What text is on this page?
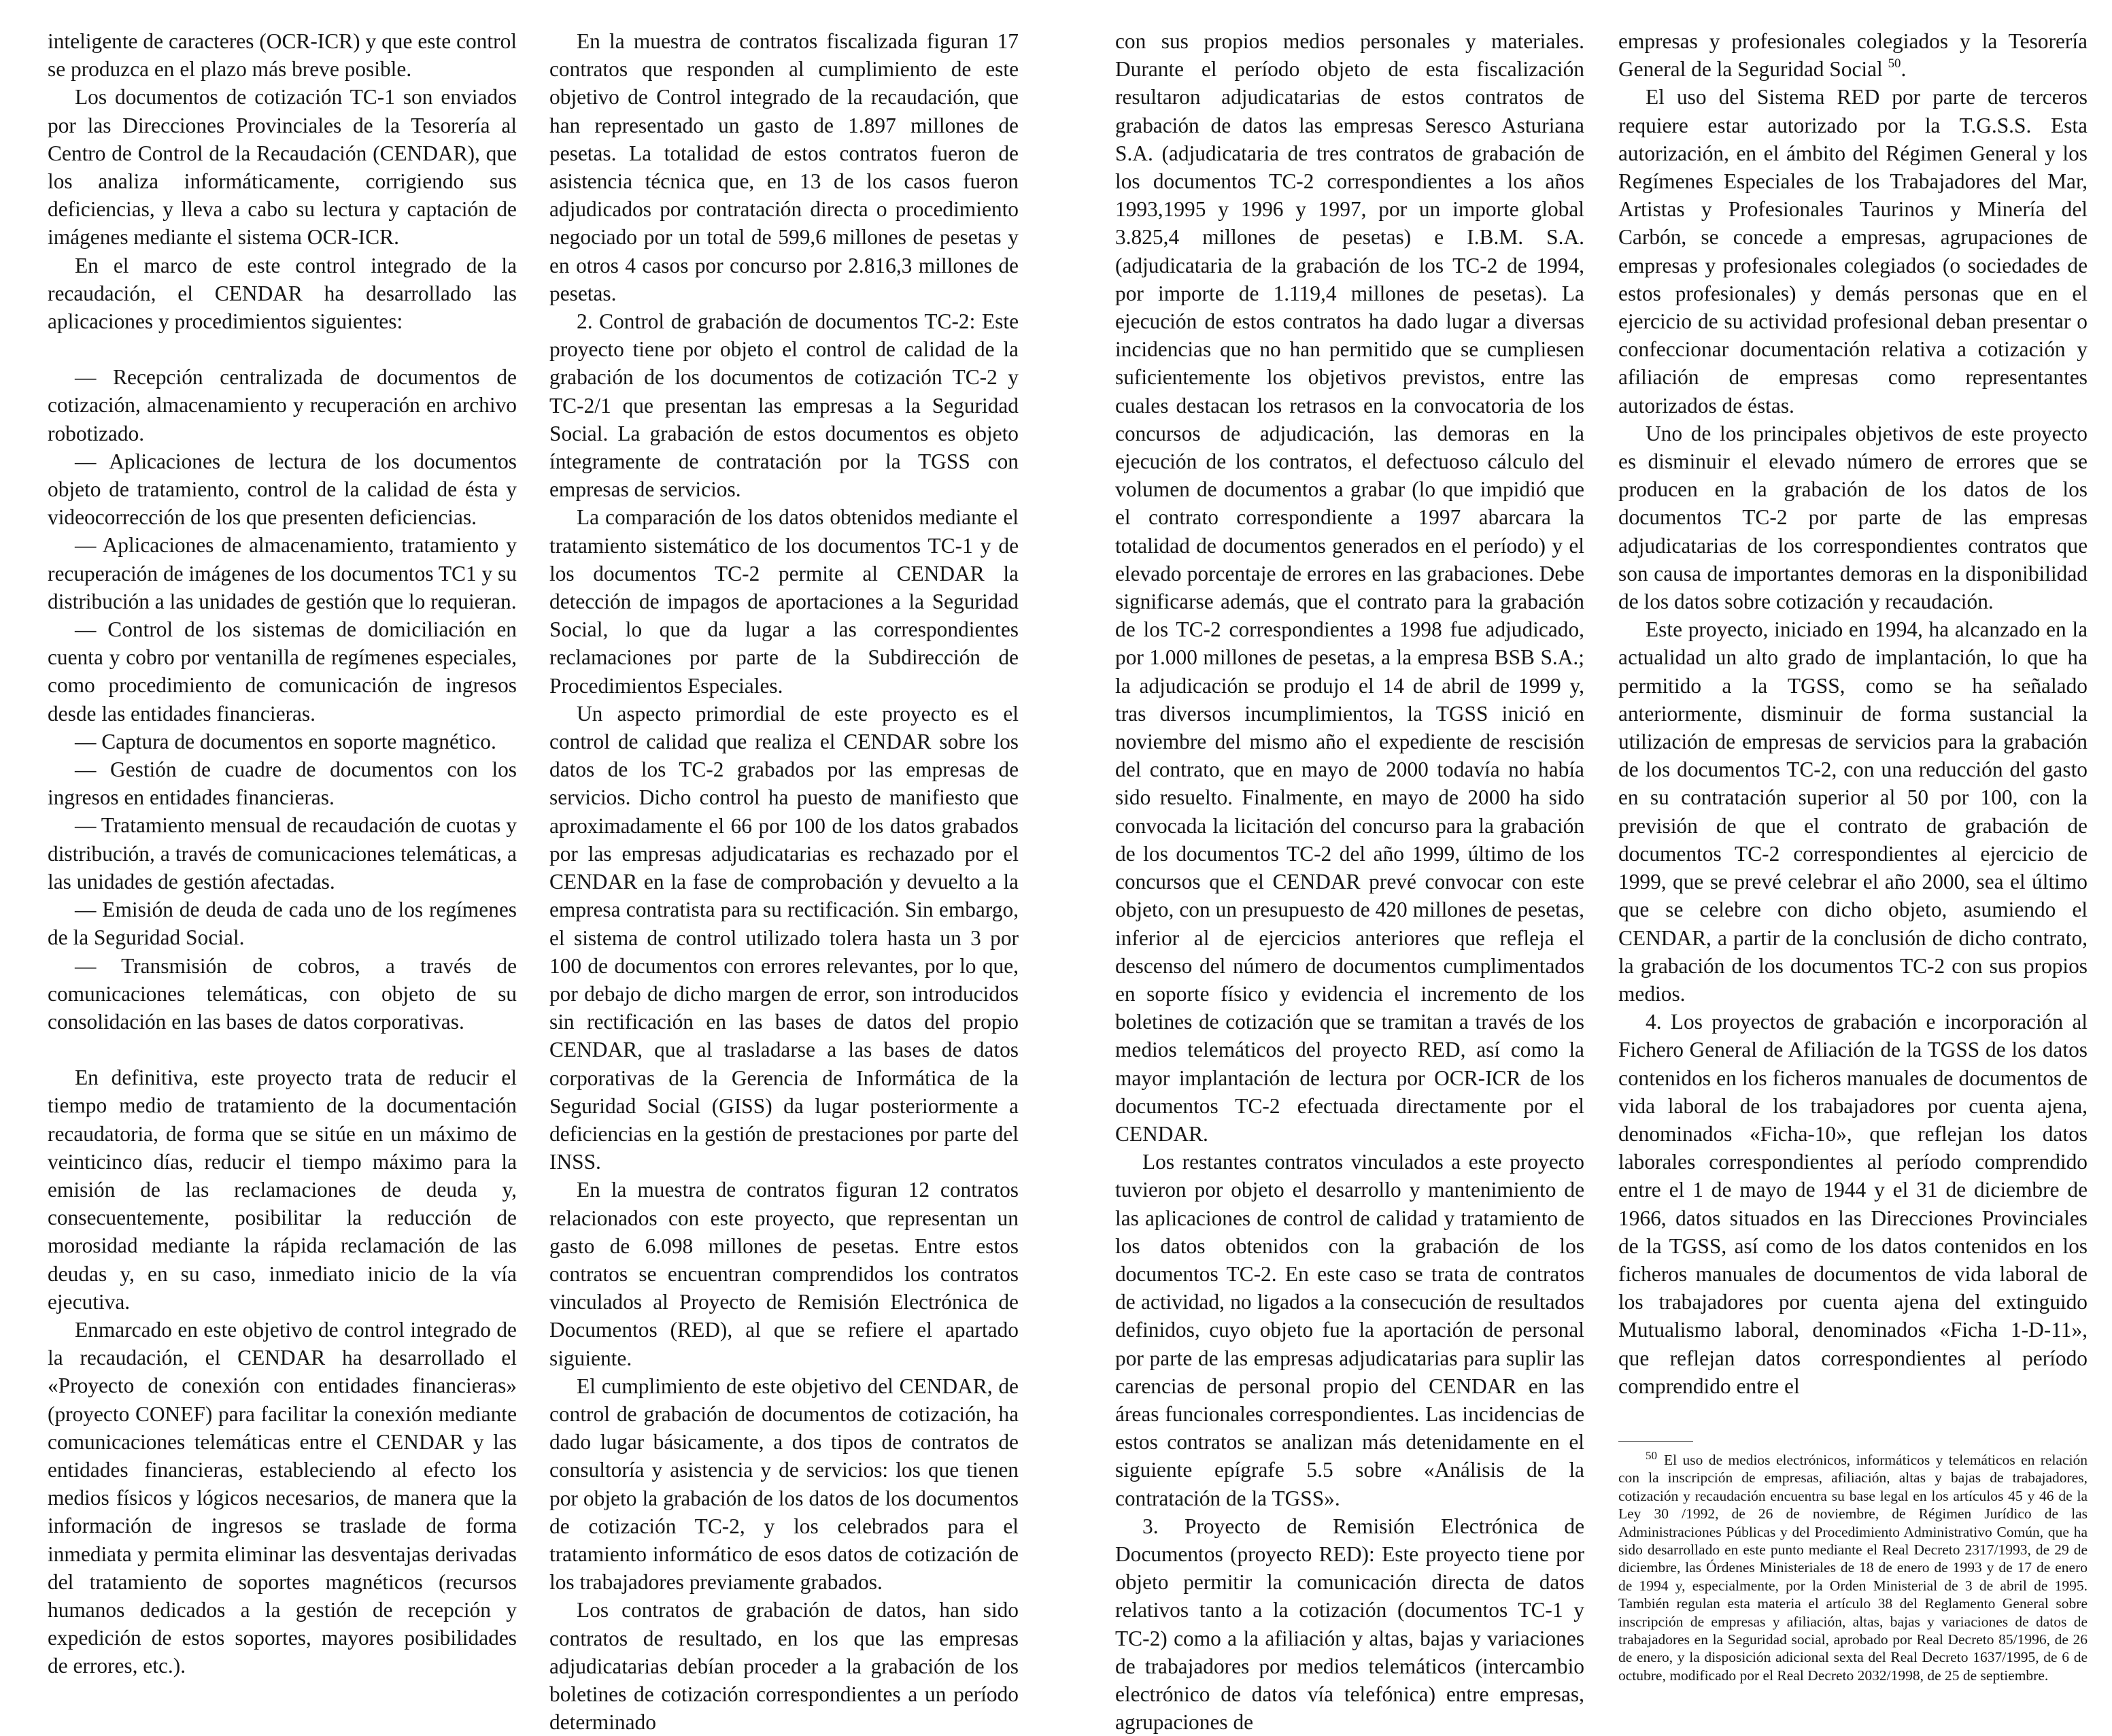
inteligente de caracteres (OCR-ICR) y que este control se produzca en el plazo más breve posible.

Los documentos de cotización TC-1 son enviados por las Direcciones Provinciales de la Tesorería al Centro de Control de la Recaudación (CENDAR), que los analiza informáticamente, corrigiendo sus deficiencias, y lleva a cabo su lectura y captación de imágenes mediante el sistema OCR-ICR.

En el marco de este control integrado de la recaudación, el CENDAR ha desarrollado las aplicaciones y procedimientos siguientes:

— Recepción centralizada de documentos de cotización, almacenamiento y recuperación en archivo robotizado.

— Aplicaciones de lectura de los documentos objeto de tratamiento, control de la calidad de ésta y videocorrección de los que presenten deficiencias.

— Aplicaciones de almacenamiento, tratamiento y recuperación de imágenes de los documentos TC1 y su distribución a las unidades de gestión que lo requieran.

— Control de los sistemas de domiciliación en cuenta y cobro por ventanilla de regímenes especiales, como procedimiento de comunicación de ingresos desde las entidades financieras.

— Captura de documentos en soporte magnético.

— Gestión de cuadre de documentos con los ingresos en entidades financieras.

— Tratamiento mensual de recaudación de cuotas y distribución, a través de comunicaciones telemáticas, a las unidades de gestión afectadas.

— Emisión de deuda de cada uno de los regímenes de la Seguridad Social.

— Transmisión de cobros, a través de comunicaciones telemáticas, con objeto de su consolidación en las bases de datos corporativas.

En definitiva, este proyecto trata de reducir el tiempo medio de tratamiento de la documentación recaudatoria, de forma que se sitúe en un máximo de veinticinco días, reducir el tiempo máximo para la emisión de las reclamaciones de deuda y, consecuentemente, posibilitar la reducción de morosidad mediante la rápida reclamación de las deudas y, en su caso, inmediato inicio de la vía ejecutiva.

Enmarcado en este objetivo de control integrado de la recaudación, el CENDAR ha desarrollado el «Proyecto de conexión con entidades financieras» (proyecto CONEF) para facilitar la conexión mediante comunicaciones telemáticas entre el CENDAR y las entidades financieras, estableciendo al efecto los medios físicos y lógicos necesarios, de manera que la información de ingresos se traslade de forma inmediata y permita eliminar las desventajas derivadas del tratamiento de soportes magnéticos (recursos humanos dedicados a la gestión de recepción y expedición de estos soportes, mayores posibilidades de errores, etc.).

En la muestra de contratos fiscalizada figuran 17 contratos que responden al cumplimiento de este objetivo de Control integrado de la recaudación, que han representado un gasto de 1.897 millones de pesetas. La totalidad de estos contratos fueron de asistencia técnica que, en 13 de los casos fueron adjudicados por contratación directa o procedimiento negociado por un total de 599,6 millones de pesetas y en otros 4 casos por concurso por 2.816,3 millones de pesetas.

2. Control de grabación de documentos TC-2: Este proyecto tiene por objeto el control de calidad de la grabación de los documentos de cotización TC-2 y TC-2/1 que presentan las empresas a la Seguridad Social. La grabación de estos documentos es objeto íntegramente de contratación por la TGSS con empresas de servicios.

La comparación de los datos obtenidos mediante el tratamiento sistemático de los documentos TC-1 y de los documentos TC-2 permite al CENDAR la detección de impagos de aportaciones a la Seguridad Social, lo que da lugar a las correspondientes reclamaciones por parte de la Subdirección de Procedimientos Especiales.

Un aspecto primordial de este proyecto es el control de calidad que realiza el CENDAR sobre los datos de los TC-2 grabados por las empresas de servicios. Dicho control ha puesto de manifiesto que aproximadamente el 66 por 100 de los datos grabados por las empresas adjudicatarias es rechazado por el CENDAR en la fase de comprobación y devuelto a la empresa contratista para su rectificación. Sin embargo, el sistema de control utilizado tolera hasta un 3 por 100 de documentos con errores relevantes, por lo que, por debajo de dicho margen de error, son introducidos sin rectificación en las bases de datos del propio CENDAR, que al trasladarse a las bases de datos corporativas de la Gerencia de Informática de la Seguridad Social (GISS) da lugar posteriormente a deficiencias en la gestión de prestaciones por parte del INSS.

En la muestra de contratos figuran 12 contratos relacionados con este proyecto, que representan un gasto de 6.098 millones de pesetas. Entre estos contratos se encuentran comprendidos los contratos vinculados al Proyecto de Remisión Electrónica de Documentos (RED), al que se refiere el apartado siguiente.

El cumplimiento de este objetivo del CENDAR, de control de grabación de documentos de cotización, ha dado lugar básicamente, a dos tipos de contratos de consultoría y asistencia y de servicios: los que tienen por objeto la grabación de los datos de los documentos de cotización TC-2, y los celebrados para el tratamiento informático de esos datos de cotización de los trabajadores previamente grabados.

Los contratos de grabación de datos, han sido contratos de resultado, en los que las empresas adjudicatarias debían proceder a la grabación de los boletines de cotización correspondientes a un período determinado

con sus propios medios personales y materiales. Durante el período objeto de esta fiscalización resultaron adjudicatarias de estos contratos de grabación de datos las empresas Seresco Asturiana S.A. (adjudicataria de tres contratos de grabación de los documentos TC-2 correspondientes a los años 1993,1995 y 1996 y 1997, por un importe global 3.825,4 millones de pesetas) e I.B.M. S.A. (adjudicataria de la grabación de los TC-2 de 1994, por importe de 1.119,4 millones de pesetas). La ejecución de estos contratos ha dado lugar a diversas incidencias que no han permitido que se cumpliesen suficientemente los objetivos previstos, entre las cuales destacan los retrasos en la convocatoria de los concursos de adjudicación, las demoras en la ejecución de los contratos, el defectuoso cálculo del volumen de documentos a grabar (lo que impidió que el contrato correspondiente a 1997 abarcara la totalidad de documentos generados en el período) y el elevado porcentaje de errores en las grabaciones. Debe significarse además, que el contrato para la grabación de los TC-2 correspondientes a 1998 fue adjudicado, por 1.000 millones de pesetas, a la empresa BSB S.A.; la adjudicación se produjo el 14 de abril de 1999 y, tras diversos incumplimientos, la TGSS inició en noviembre del mismo año el expediente de rescisión del contrato, que en mayo de 2000 todavía no había sido resuelto. Finalmente, en mayo de 2000 ha sido convocada la licitación del concurso para la grabación de los documentos TC-2 del año 1999, último de los concursos que el CENDAR prevé convocar con este objeto, con un presupuesto de 420 millones de pesetas, inferior al de ejercicios anteriores que refleja el descenso del número de documentos cumplimentados en soporte físico y evidencia el incremento de los boletines de cotización que se tramitan a través de los medios telemáticos del proyecto RED, así como la mayor implantación de lectura por OCR-ICR de los documentos TC-2 efectuada directamente por el CENDAR.

Los restantes contratos vinculados a este proyecto tuvieron por objeto el desarrollo y mantenimiento de las aplicaciones de control de calidad y tratamiento de los datos obtenidos con la grabación de los documentos TC-2. En este caso se trata de contratos de actividad, no ligados a la consecución de resultados definidos, cuyo objeto fue la aportación de personal por parte de las empresas adjudicatarias para suplir las carencias de personal propio del CENDAR en las áreas funcionales correspondientes. Las incidencias de estos contratos se analizan más detenidamente en el siguiente epígrafe 5.5 sobre «Análisis de la contratación de la TGSS».

3. Proyecto de Remisión Electrónica de Documentos (proyecto RED): Este proyecto tiene por objeto permitir la comunicación directa de datos relativos tanto a la cotización (documentos TC-1 y TC-2) como a la afiliación y altas, bajas y variaciones de trabajadores por medios telemáticos (intercambio electrónico de datos vía telefónica) entre empresas, agrupaciones de

empresas y profesionales colegiados y la Tesorería General de la Seguridad Social $^{50}$.

El uso del Sistema RED por parte de terceros requiere estar autorizado por la T.G.S.S. Esta autorización, en el ámbito del Régimen General y los Regímenes Especiales de los Trabajadores del Mar, Artistas y Profesionales Taurinos y Minería del Carbón, se concede a empresas, agrupaciones de empresas y profesionales colegiados (o sociedades de estos profesionales) y demás personas que en el ejercicio de su actividad profesional deban presentar o confeccionar documentación relativa a cotización y afiliación de empresas como representantes autorizados de éstas.

Uno de los principales objetivos de este proyecto es disminuir el elevado número de errores que se producen en la grabación de los datos de los documentos TC-2 por parte de las empresas adjudicatarias de los correspondientes contratos que son causa de importantes demoras en la disponibilidad de los datos sobre cotización y recaudación.

Este proyecto, iniciado en 1994, ha alcanzado en la actualidad un alto grado de implantación, lo que ha permitido a la TGSS, como se ha señalado anteriormente, disminuir de forma sustancial la utilización de empresas de servicios para la grabación de los documentos TC-2, con una reducción del gasto en su contratación superior al 50 por 100, con la previsión de que el contrato de grabación de documentos TC-2 correspondientes al ejercicio de 1999, que se prevé celebrar el año 2000, sea el último que se celebre con dicho objeto, asumiendo el CENDAR, a partir de la conclusión de dicho contrato, la grabación de los documentos TC-2 con sus propios medios.

4. Los proyectos de grabación e incorporación al Fichero General de Afiliación de la TGSS de los datos contenidos en los ficheros manuales de documentos de vida laboral de los trabajadores por cuenta ajena, denominados «Ficha-10», que reflejan los datos laborales correspondientes al período comprendido entre el 1 de mayo de 1944 y el 31 de diciembre de 1966, datos situados en las Direcciones Provinciales de la TGSS, así como de los datos contenidos en los ficheros manuales de documentos de vida laboral de los trabajadores por cuenta ajena del extinguido Mutualismo laboral, denominados «Ficha 1-D-11», que reflejan datos correspondientes al período comprendido entre el

$^{50}$ El uso de medios electrónicos, informáticos y telemáticos en relación con la inscripción de empresas, afiliación, altas y bajas de trabajadores, cotización y recaudación encuentra su base legal en los artículos 45 y 46 de la Ley 30 /1992, de 26 de noviembre, de Régimen Jurídico de las Administraciones Públicas y del Procedimiento Administrativo Común, que ha sido desarrollado en este punto mediante el Real Decreto 2317/1993, de 29 de diciembre, las Órdenes Ministeriales de 18 de enero de 1993 y de 17 de enero de 1994 y, especialmente, por la Orden Ministerial de 3 de abril de 1995. También regulan esta materia el artículo 38 del Reglamento General sobre inscripción de empresas y afiliación, altas, bajas y variaciones de datos de trabajadores en la Seguridad social, aprobado por Real Decreto 85/1996, de 26 de enero, y la disposición adicional sexta del Real Decreto 1637/1995, de 6 de octubre, modificado por el Real Decreto 2032/1998, de 25 de septiembre.
